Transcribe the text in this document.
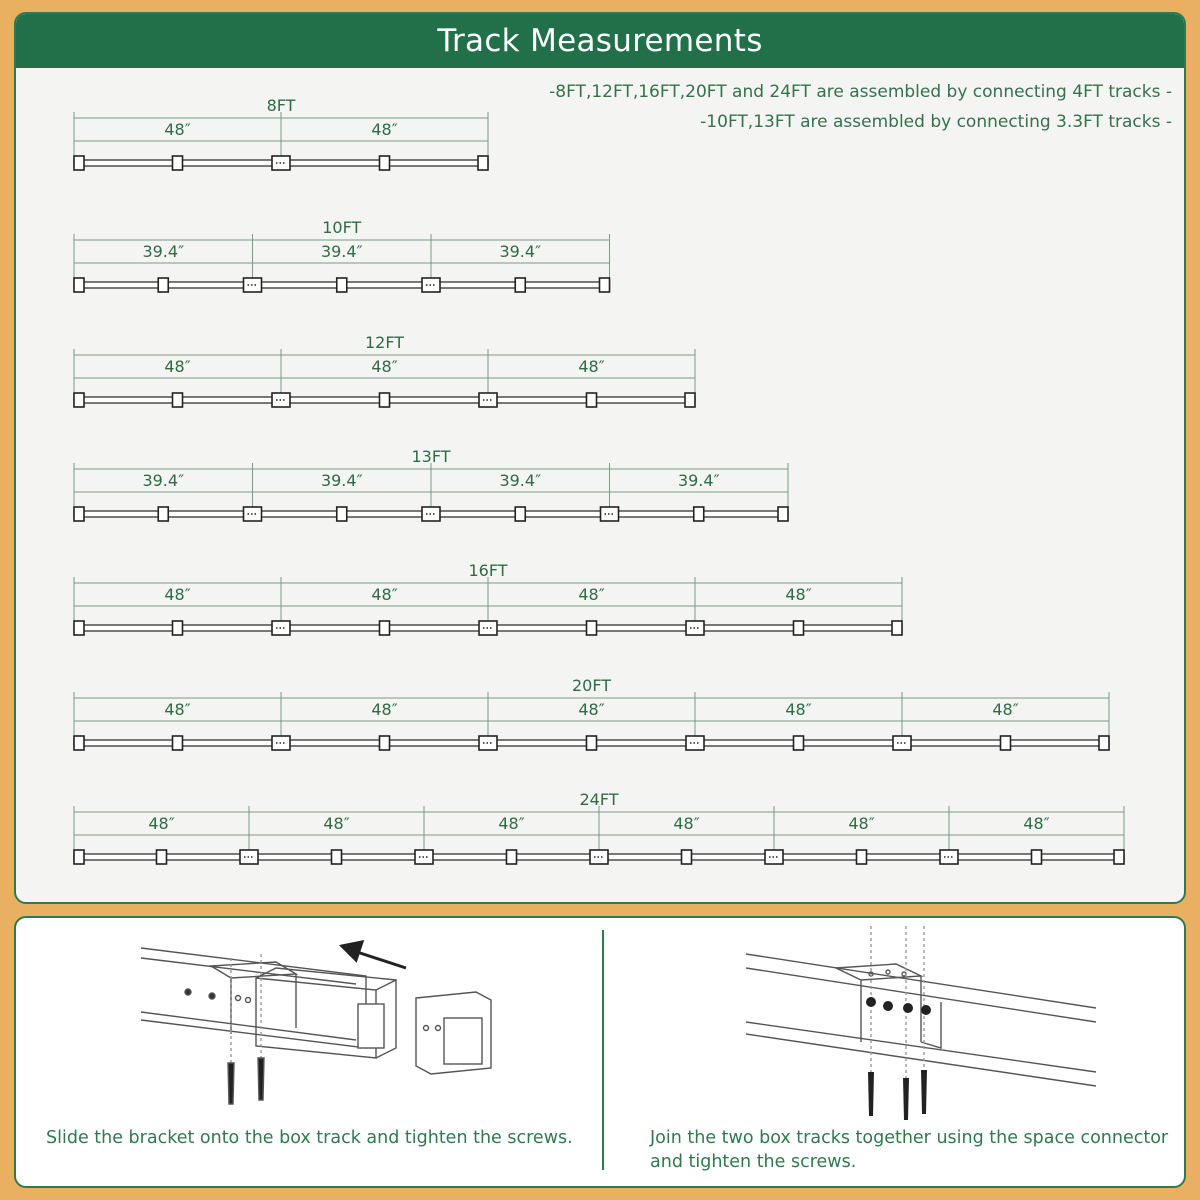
Track Measurements
8FT
48″	48″
10FT
39.4″	39.4″	39.4″
12FT
48″	48″	48″
13FT
39.4″	39.4″	39.4″	39.4″
16FT
48″	48″	48″	48″
20FT
48″	48″	48″	48″	48″
24FT
48″	48″	48″	48″	48″	48″
-8FT,12FT,16FT,20FT and 24FT are assembled by connecting 4FT tracks -
-10FT,13FT are assembled by connecting 3.3FT tracks -
Slide the bracket onto the box track and tighten the screws.	Join the two box tracks together using the space connector and tighten the screws.
